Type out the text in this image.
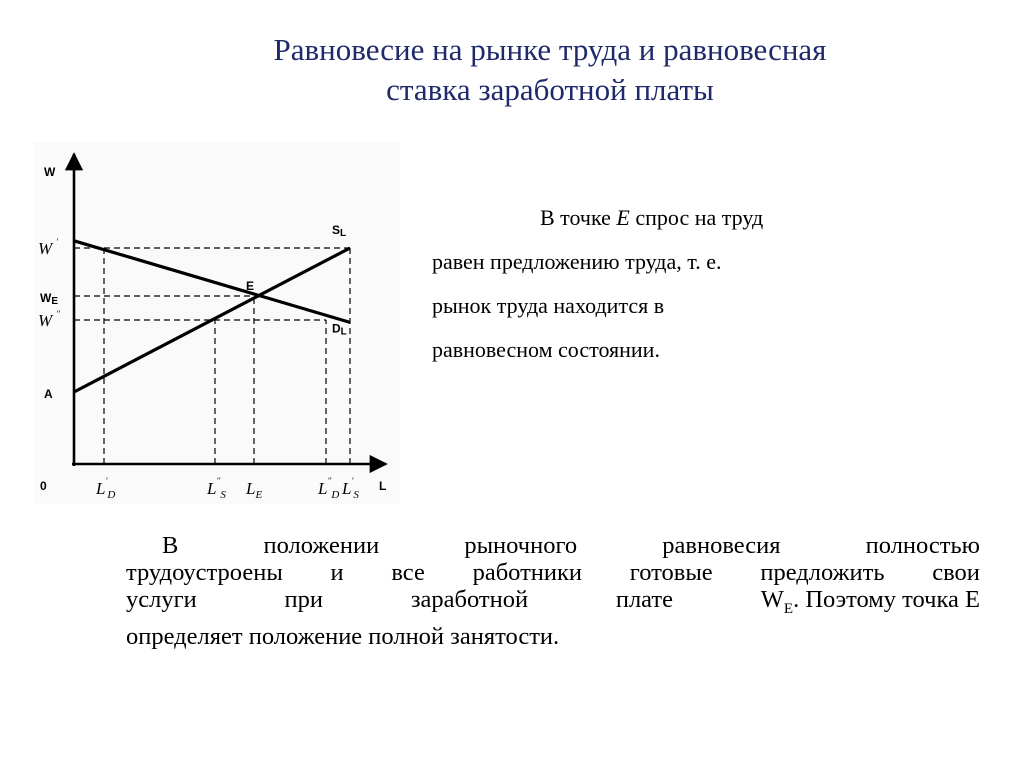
Равновесие на рынке труда и равновесная
ставка заработной платы
SL
DL
W
L
0
A
E
W '
WE
W ''
$L'_D$	$L''_S$ $L_E$	$L''_D$ $L'_S$
В точке E спрос на труд
равен предложению труда, т. е.
рынок труда находится в
равновесном состоянии.
В	положении	рыночного	равновесия	полностью
трудоустроены и все работники готовые предложить свои
услуги	при	заработной	плате	$W_E$. Поэтому точка E
определяет положение полной занятости.
